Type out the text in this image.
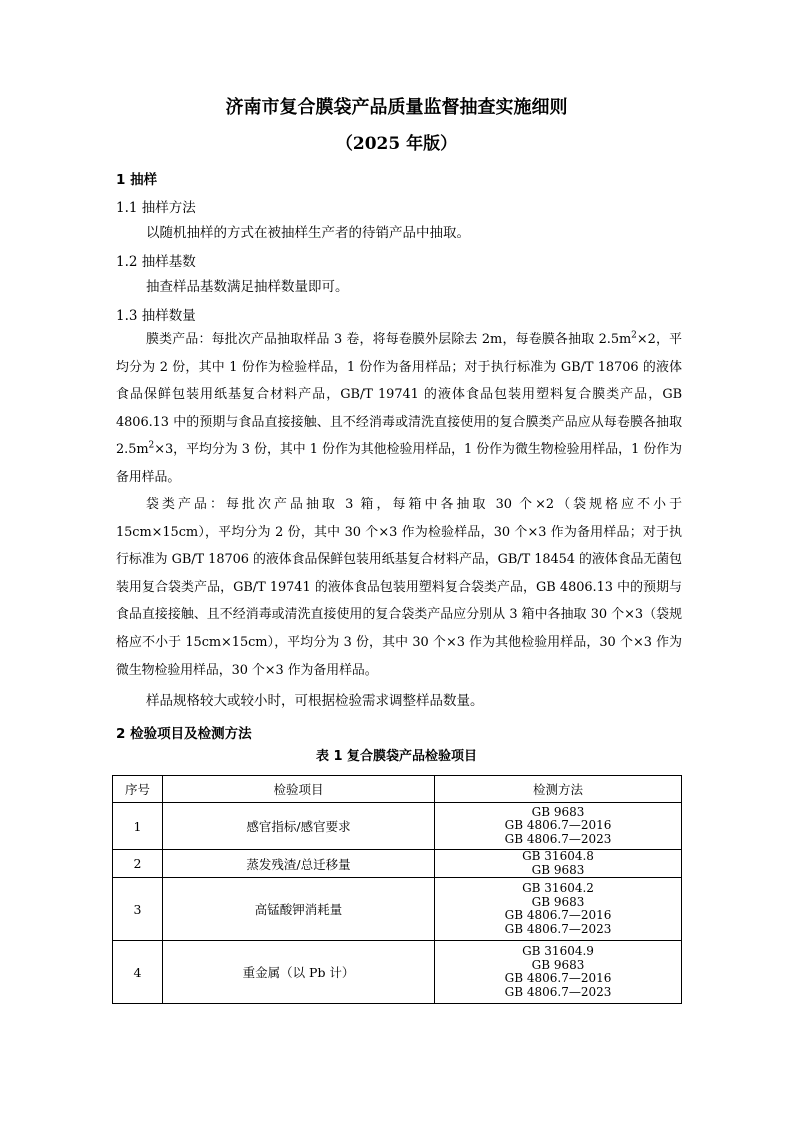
济南市复合膜袋产品质量监督抽查实施细则
（2025 年版）
1 抽样
1.1 抽样方法

以随机抽样的方式在被抽样生产者的待销产品中抽取。

1.2 抽样基数

抽查样品基数满足抽样数量即可。

1.3 抽样数量

膜类产品：每批次产品抽取样品 3 卷，将每卷膜外层除去 2m，每卷膜各抽取 $2.5m^2\times 2$，平均分为 2 份，其中 1 份作为检验样品，1 份作为备用样品；对于执行标准为 GB/T 18706 的液体食品保鲜包装用纸基复合材料产品，GB/T 19741 的液体食品包装用塑料复合膜类产品，GB 4806.13 中的预期与食品直接接触、且不经消毒或清洗直接使用的复合膜类产品应从每卷膜各抽取 $2.5m^2\times 3$，平均分为 3 份，其中 1 份作为其他检验用样品，1 份作为微生物检验用样品，1 份作为备用样品。

袋类产品：每批次产品抽取 3 箱，每箱中各抽取 30 个×2（袋规格应不小于 15cm×15cm），平均分为 2 份，其中 30 个×3 作为检验样品，30 个×3 作为备用样品；对于执行标准为 GB/T 18706 的液体食品保鲜包装用纸基复合材料产品，GB/T 18454 的液体食品无菌包装用复合袋类产品，GB/T 19741 的液体食品包装用塑料复合袋类产品，GB 4806.13 中的预期与食品直接接触、且不经消毒或清洗直接使用的复合袋类产品应分别从 3 箱中各抽取 30 个×3（袋规格应不小于 15cm×15cm），平均分为 3 份，其中 30 个×3 作为其他检验用样品，30 个×3 作为微生物检验用样品，30 个×3 作为备用样品。

样品规格较大或较小时，可根据检验需求调整样品数量。

2 检验项目及检测方法
表 1 复合膜袋产品检验项目
序号	检验项目	检测方法
1	感官指标/感官要求	GB 9683
GB 4806.7—2016
GB 4806.7—2023

2	蒸发残渣/总迁移量	GB 31604.8
GB 9683

3	高锰酸钾消耗量	GB 31604.2
GB 9683
GB 4806.7—2016
GB 4806.7—2023

4	重金属（以 Pb 计）	GB 31604.9
GB 9683
GB 4806.7—2016
GB 4806.7—2023
